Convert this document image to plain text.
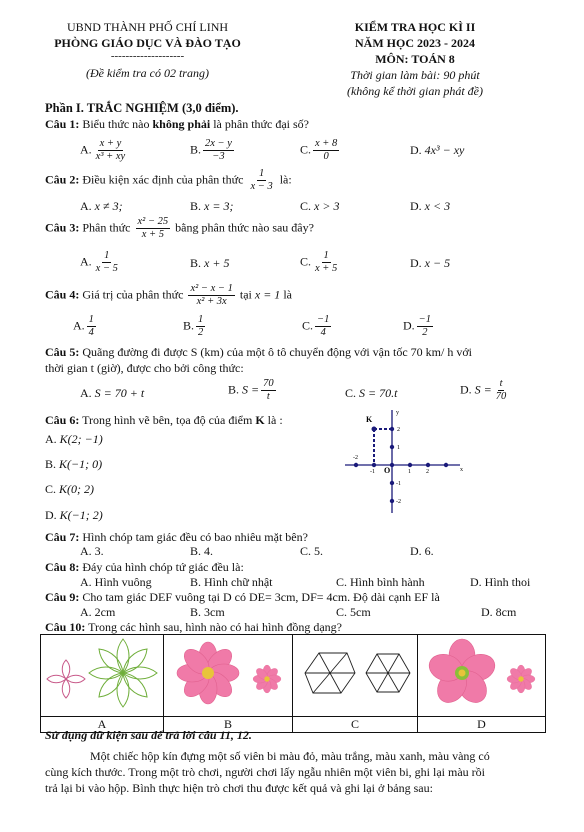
UBND THÀNH PHỐ CHÍ LINH
PHÒNG GIÁO DỤC VÀ ĐÀO TẠO
--------------------
(Đề kiểm tra có 02 trang)
KIỂM TRA HỌC KÌ II
NĂM HỌC 2023 - 2024
MÔN: TOÁN 8
Thời gian làm bài: 90 phút
(không kể thời gian phát đề)
Phần I. TRẮC NGHIỆM (3,0 điểm).
Câu 1: Biểu thức nào không phải là phân thức đại số?
A. $\frac{x + y}{\text{x³ + xy}}$	B. $\frac{2x - y}{-3}$	C. $\frac{x + 8}{0}$	D. 4x³ − xy
Câu 2: Điều kiện xác định của phân thức $\frac{1}{x - 3}$ là:
A. x ≠ 3;	B. x = 3;	C. x > 3	D. x < 3
Câu 3: Phân thức $\frac{\text{x² − 25}}{x + 5}$ bằng phân thức nào sau đây?
A. $\frac{1}{x - 5}$	B. x + 5	C. $\frac{1}{x + 5}$	D. x − 5
Câu 4: Giá trị của phân thức $\frac{\text{x² − x − 1}}{\text{x² + 3x}}$ tại x = 1 là
A. $\frac{1}{4}$	B. $\frac{1}{2}$	C. $\frac{-1}{4}$	D. $\frac{-1}{2}$
Câu 5: Quãng đường đi được S (km) của một ô tô chuyển động với vận tốc 70 km/ h với
thời gian t (giờ), được cho bởi công thức:
A. S = 70 + t	B. $S = \frac{70}{t}$	C. S = 70.t	D. $S = \frac{t}{70}$
Câu 6: Trong hình vẽ bên, tọa độ của điểm K là :
A. K(2; −1)
B. K(−1; 0)
C. K(0; 2)
D. K(−1; 2)
K
O	x
y
-2
-1	1	2
2
1
-1
-2
Câu 7: Hình chóp tam giác đều có bao nhiêu mặt bên?
A. 3.	B. 4.	C. 5.	D. 6.
Câu 8: Đáy của hình chóp tứ giác đều là:
A. Hình vuông	B. Hình chữ nhật	C. Hình bình hành	D. Hình thoi
Câu 9: Cho tam giác DEF vuông tại D có DE= 3cm, DF= 4cm. Độ dài cạnh EF là
A. 2cm	B. 3cm	C. 5cm	D. 8cm
Câu 10: Trong các hình sau, hình nào có hai hình đồng dạng?

A	B	C	D
Sử dụng dữ kiện sau để trả lời câu 11, 12.
Một chiếc hộp kín đựng một số viên bi màu đỏ, màu trắng, màu xanh, màu vàng có
cùng kích thước. Trong một trò chơi, người chơi lấy ngẫu nhiên một viên bi, ghi lại màu rồi
trả lại bi vào hộp. Bình thực hiện trò chơi thu được kết quả và ghi lại ở bảng sau:
